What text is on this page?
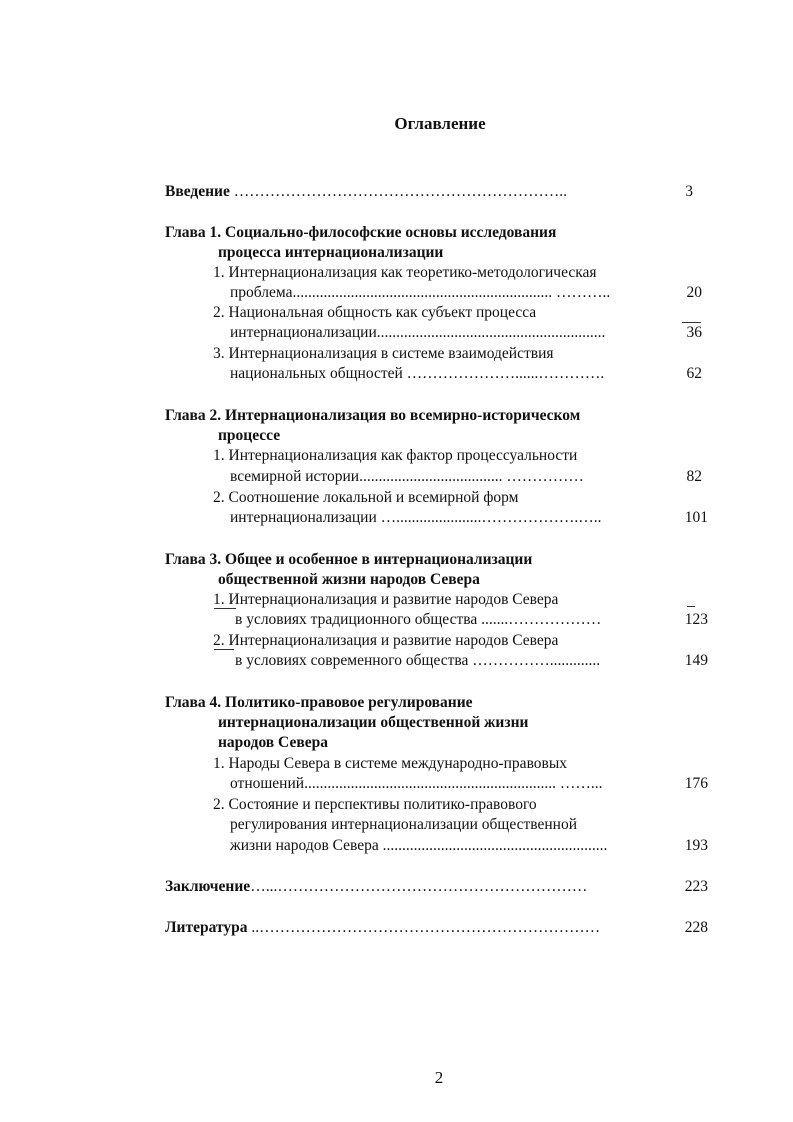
Оглавление
Введение ………………………………………………………..	3
Глава 1. Социально-философские основы исследования
процесса интернационализации
1. Интернационализация как теоретико-методологическая
проблема................................................................... ………..	20
2. Национальная общность как субъект процесса
интернационализации...........................................................	36
3. Интернационализация в системе взаимодействия
национальных общностей …………………......………….	62
Глава 2. Интернационализация во всемирно-историческом
процессе
1. Интернационализация как фактор процессуальности
всемирной истории..................................... ……………	82
2. Соотношение локальной и всемирной форм
интернационализации …......................……………….…..	101
Глава 3. Общее и особенное в интернационализации
общественной жизни народов Севера
1. Интернационализация и развитие народов Севера
в условиях традиционного общества .......………………	123
2. Интернационализация и развитие народов Севера
в условиях современного общества …………….............	149
Глава 4. Политико-правовое регулирование
интернационализации общественной жизни
народов Севера
1. Народы Севера в системе международно-правовых
отношений................................................................. ……...	176
2. Состояние и перспективы политико-правового
регулирования интернационализации общественной
жизни народов Севера ..........................................................	193
Заключение…...……………………………………………………	223
Литература ..…………………………………………………………	228
2
